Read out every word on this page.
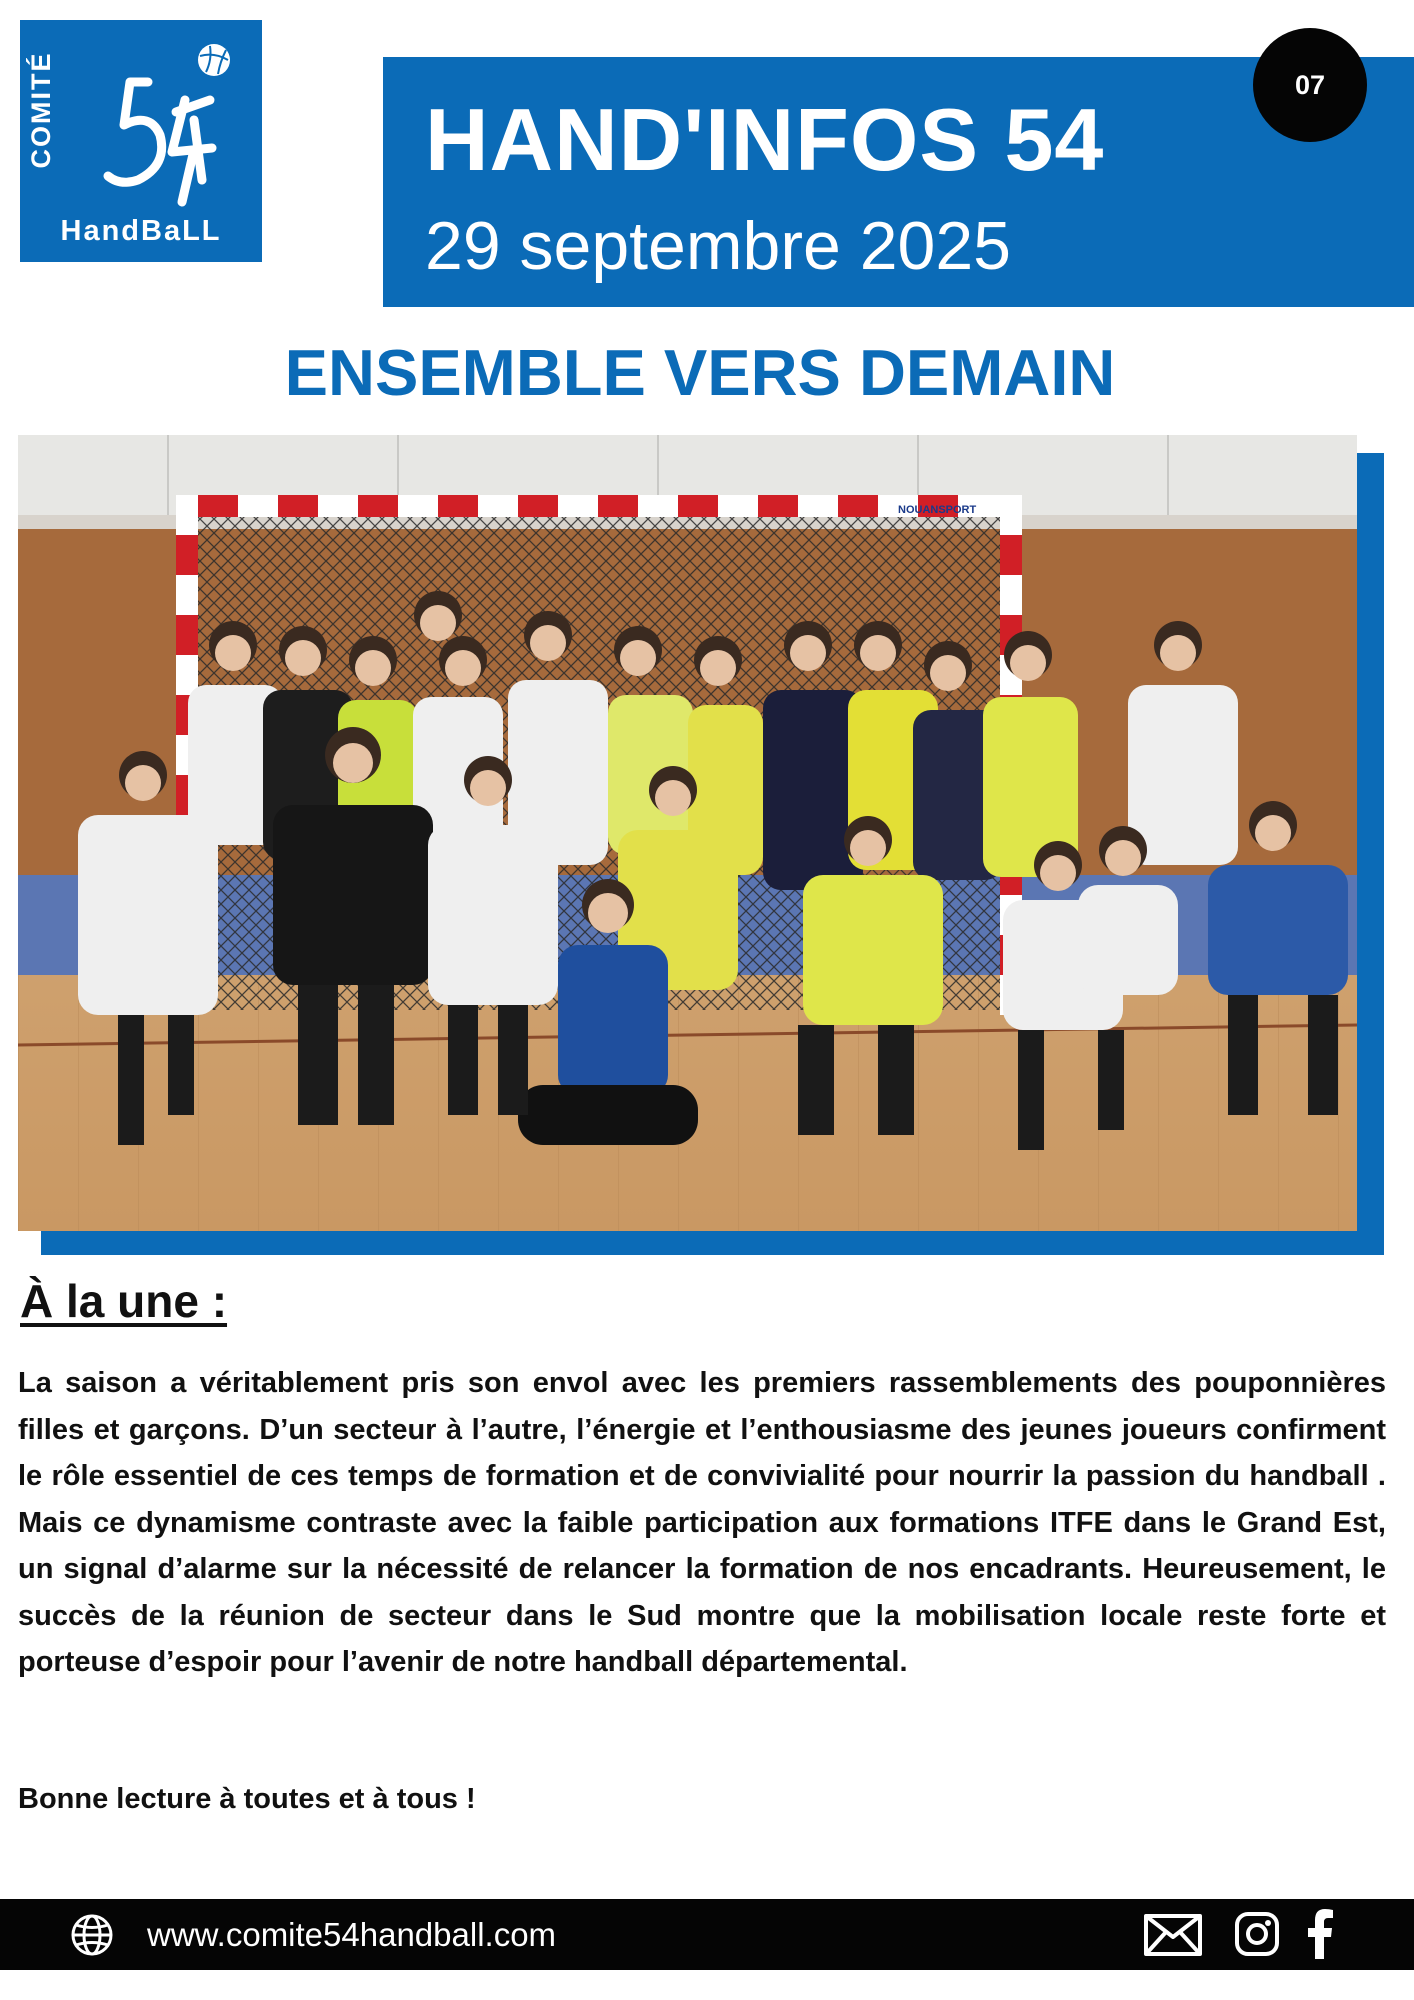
COMITÉ
HandBaLL
HAND'INFOS 54
29 septembre 2025
07
ENSEMBLE VERS DEMAIN
NOUANSPORT
À la une :

La saison a véritablement pris son envol avec les premiers rassemblements des pouponnières filles et garçons. D’un secteur à l’autre, l’énergie et l’enthousiasme des jeunes joueurs confirment le rôle essentiel de ces temps de formation et de convivialité pour nourrir la passion du handball . Mais ce dynamisme contraste avec la faible participation aux formations ITFE dans le Grand Est, un signal d’alarme sur la nécessité de relancer la formation de nos encadrants. Heureusement, le succès de la réunion de secteur dans le Sud montre que la mobilisation locale reste forte et porteuse d’espoir pour l’avenir de notre handball départemental.

Bonne lecture à toutes et à tous !
www.comite54handball.com
